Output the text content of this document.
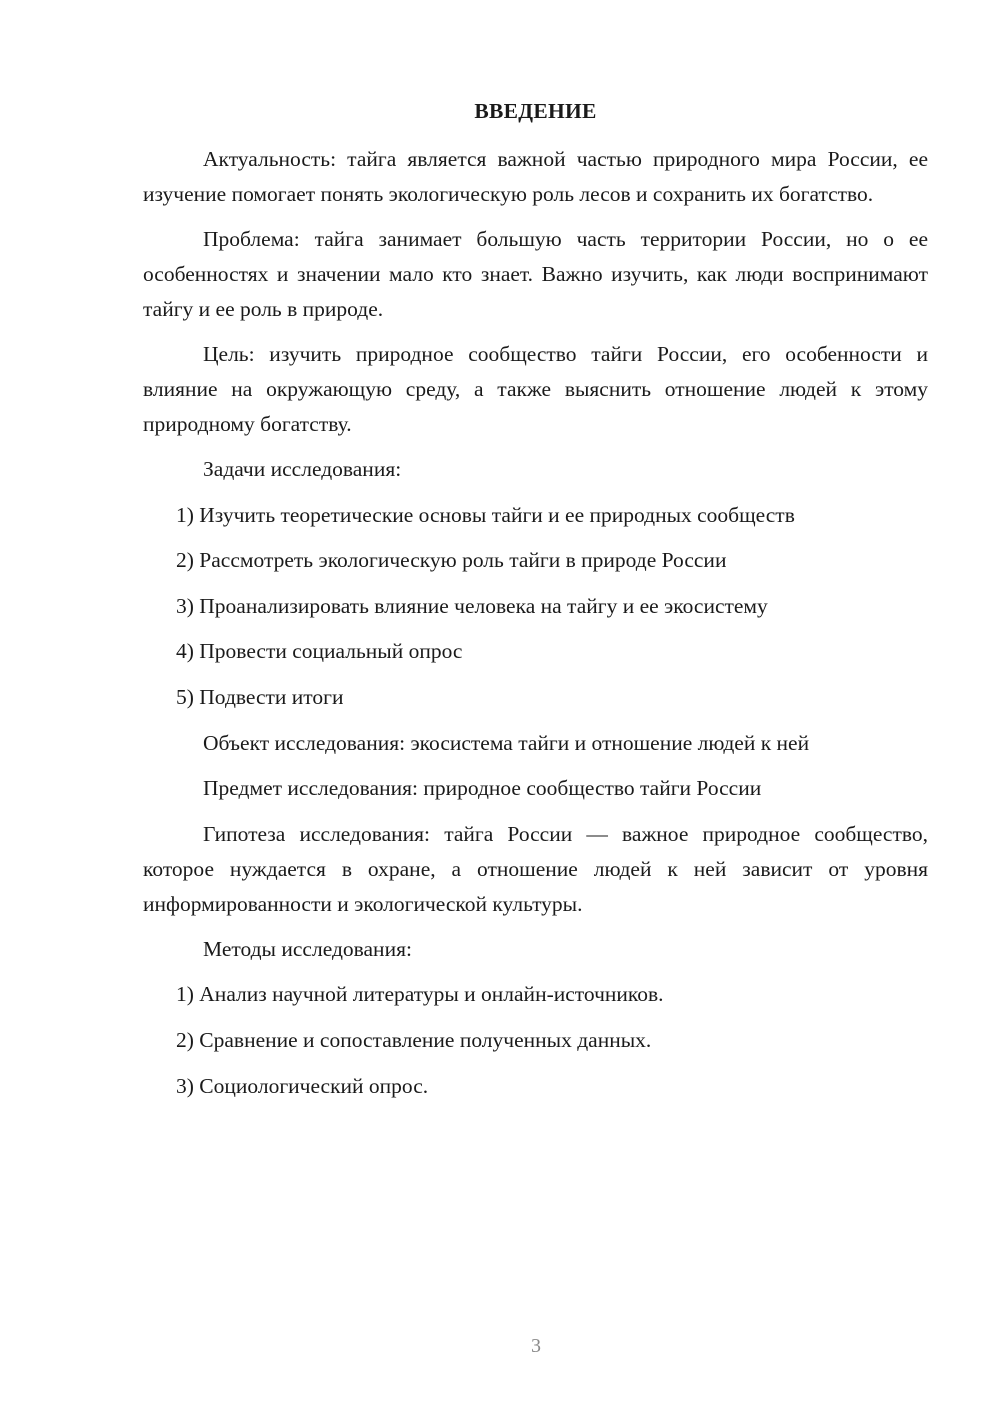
ВВЕДЕНИЕ
Актуальность: тайга является важной частью природного мира России, ее изучение помогает понять экологическую роль лесов и сохранить их богатство.
Проблема: тайга занимает большую часть территории России, но о ее особенностях и значении мало кто знает. Важно изучить, как люди воспринимают тайгу и ее роль в природе.
Цель: изучить природное сообщество тайги России, его особенности и влияние на окружающую среду, а также выяснить отношение людей к этому природному богатству.
Задачи исследования:
1) Изучить теоретические основы тайги и ее природных сообществ
2) Рассмотреть экологическую роль тайги в природе России
3) Проанализировать влияние человека на тайгу и ее экосистему
4) Провести социальный опрос
5) Подвести итоги
Объект исследования: экосистема тайги и отношение людей к ней
Предмет исследования: природное сообщество тайги России
Гипотеза исследования: тайга России — важное природное сообщество, которое нуждается в охране, а отношение людей к ней зависит от уровня информированности и экологической культуры.
Методы исследования:
1) Анализ научной литературы и онлайн-источников.
2) Сравнение и сопоставление полученных данных.
3) Социологический опрос.
3
